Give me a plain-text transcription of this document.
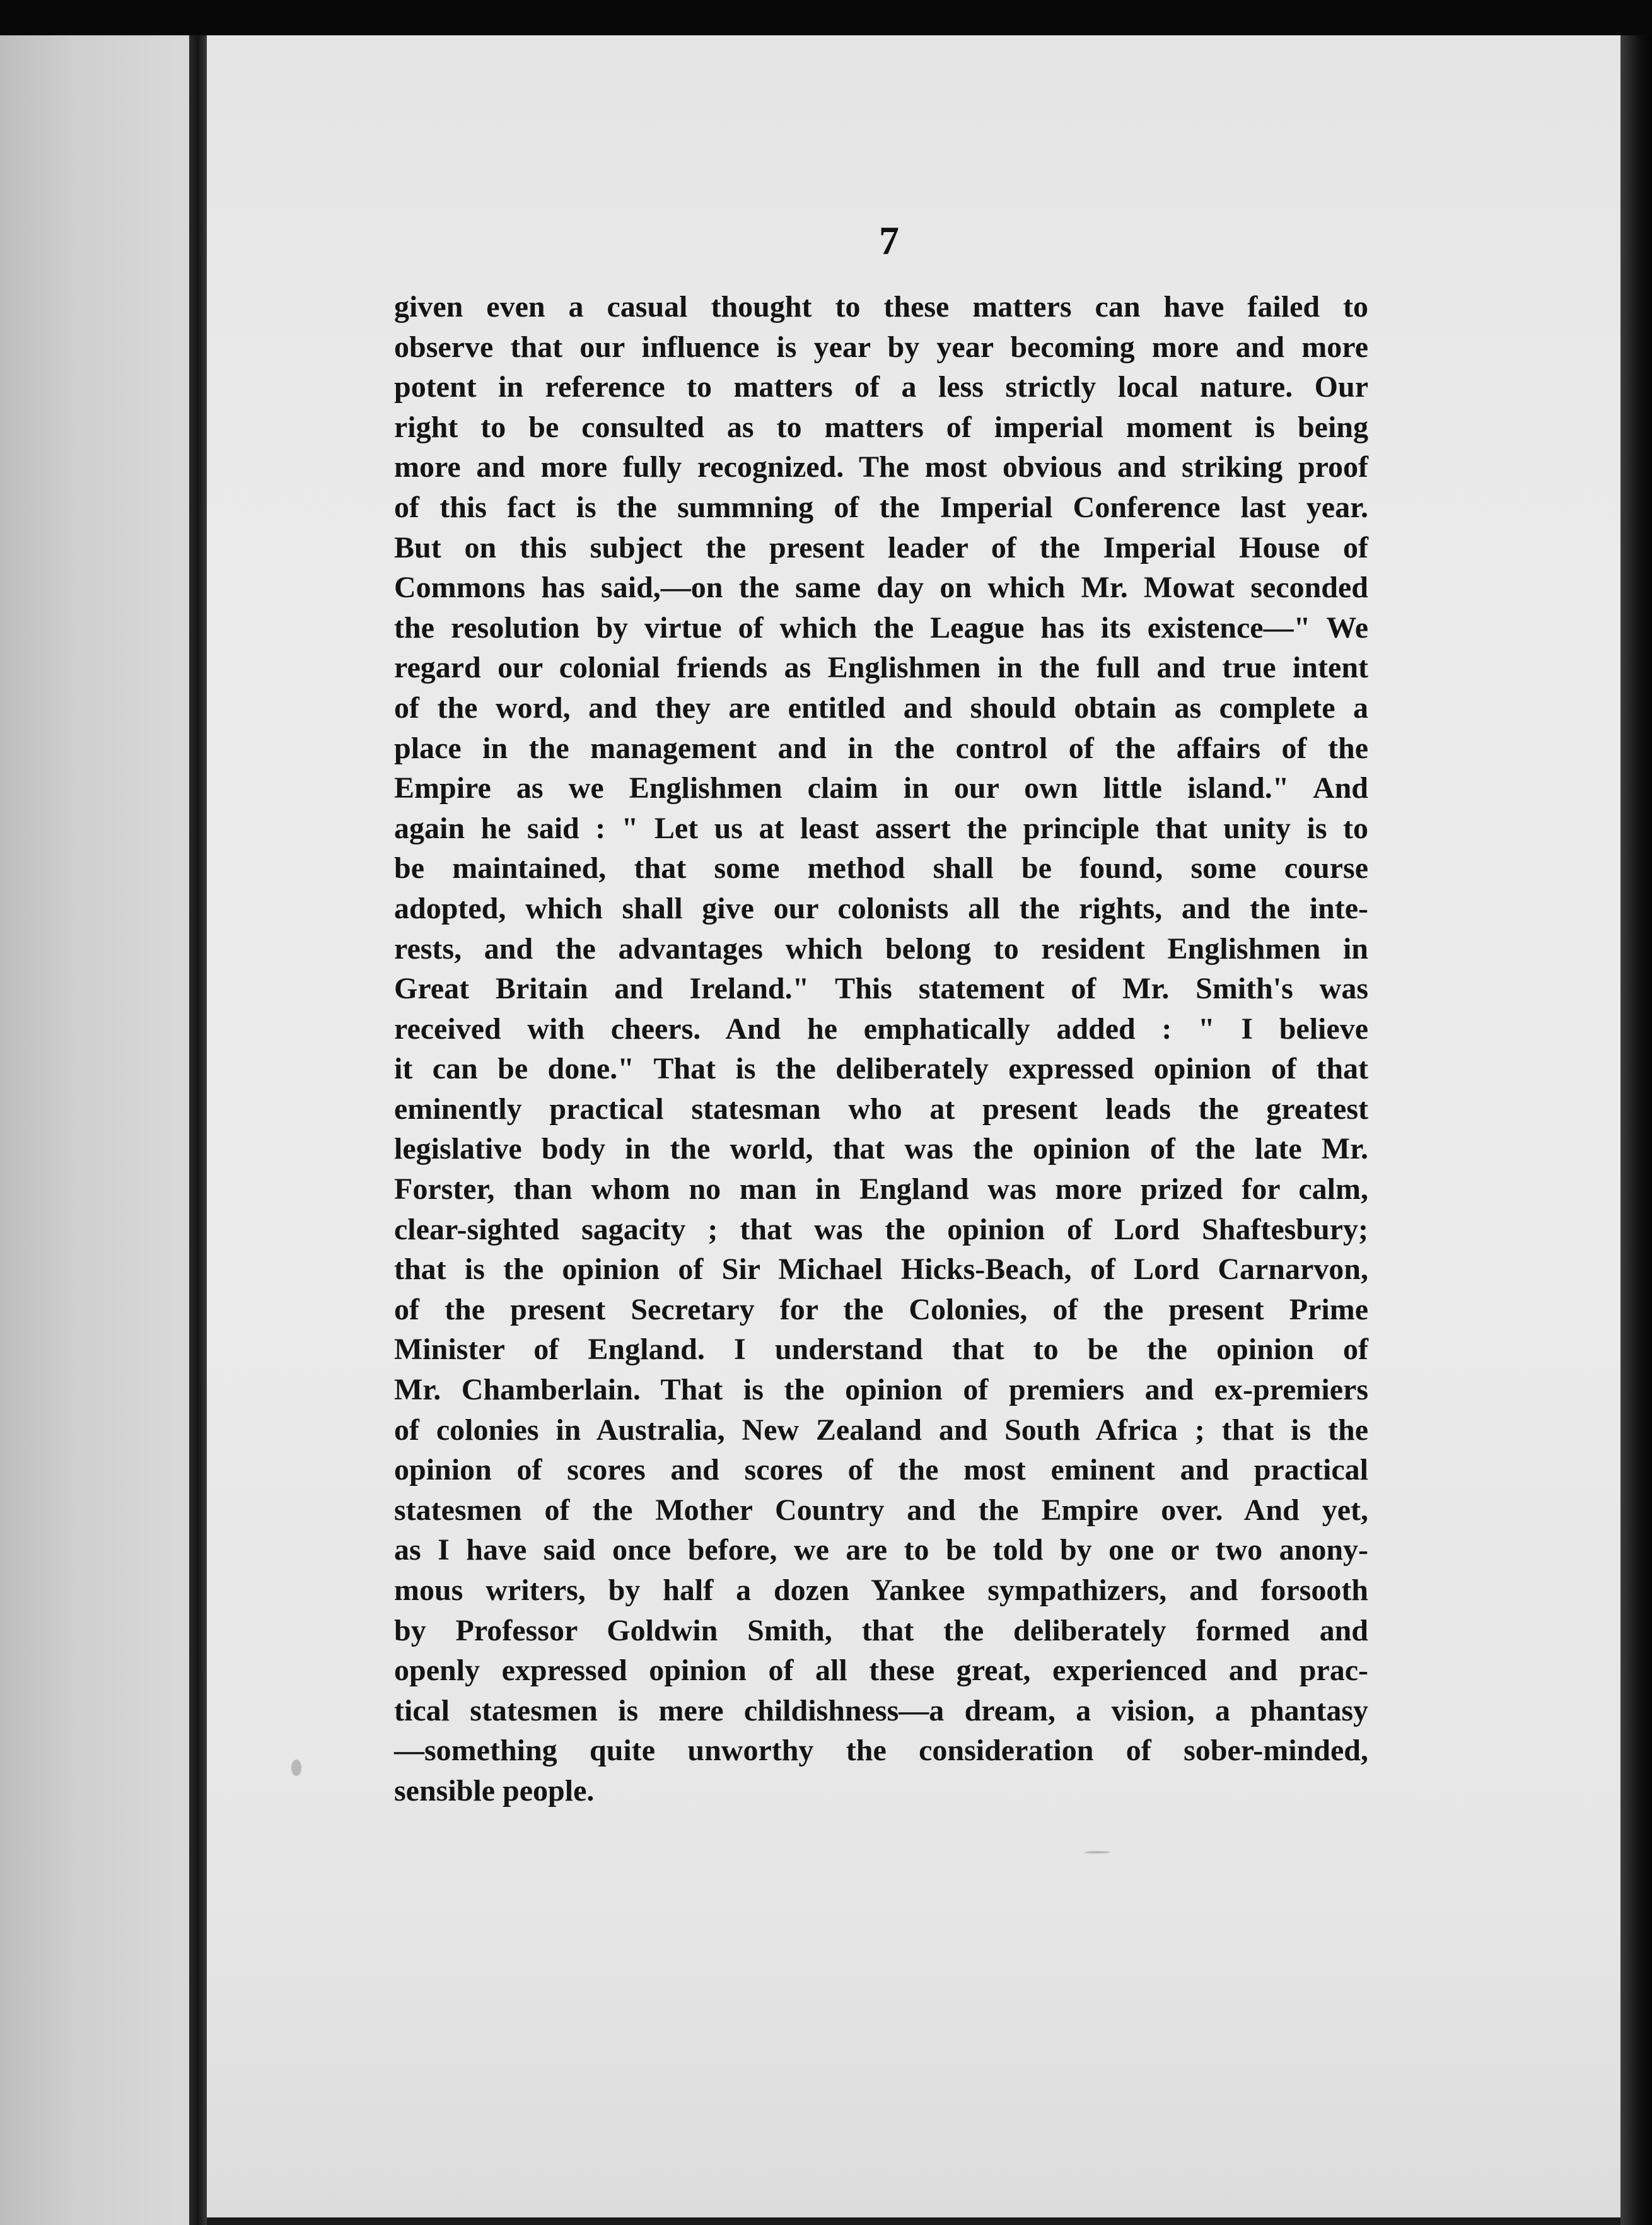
7
given even a casual thought to these matters can have failed to
observe that our influence is year by year becoming more and more
potent in reference to matters of a less strictly local nature. Our
right to be consulted as to matters of imperial moment is being
more and more fully recognized. The most obvious and striking proof
of this fact is the summning of the Imperial Conference last year.
But on this subject the present leader of the Imperial House of
Commons has said,—on the same day on which Mr. Mowat seconded
the resolution by virtue of which the League has its existence—" We
regard our colonial friends as Englishmen in the full and true intent
of the word, and they are entitled and should obtain as complete a
place in the management and in the control of the affairs of the
Empire as we Englishmen claim in our own little island." And
again he said : " Let us at least assert the principle that unity is to
be maintained, that some method shall be found, some course
adopted, which shall give our colonists all the rights, and the inte-
rests, and the advantages which belong to resident Englishmen in
Great Britain and Ireland." This statement of Mr. Smith's was
received with cheers. And he emphatically added : " I believe
it can be done." That is the deliberately expressed opinion of that
eminently practical statesman who at present leads the greatest
legislative body in the world, that was the opinion of the late Mr.
Forster, than whom no man in England was more prized for calm,
clear-sighted sagacity ; that was the opinion of Lord Shaftesbury;
that is the opinion of Sir Michael Hicks-Beach, of Lord Carnarvon,
of the present Secretary for the Colonies, of the present Prime
Minister of England. I understand that to be the opinion of
Mr. Chamberlain. That is the opinion of premiers and ex-premiers
of colonies in Australia, New Zealand and South Africa ; that is the
opinion of scores and scores of the most eminent and practical
statesmen of the Mother Country and the Empire over. And yet,
as I have said once before, we are to be told by one or two anony-
mous writers, by half a dozen Yankee sympathizers, and forsooth
by Professor Goldwin Smith, that the deliberately formed and
openly expressed opinion of all these great, experienced and prac-
tical statesmen is mere childishness—a dream, a vision, a phantasy
—something quite unworthy the consideration of sober-minded,
sensible people.
